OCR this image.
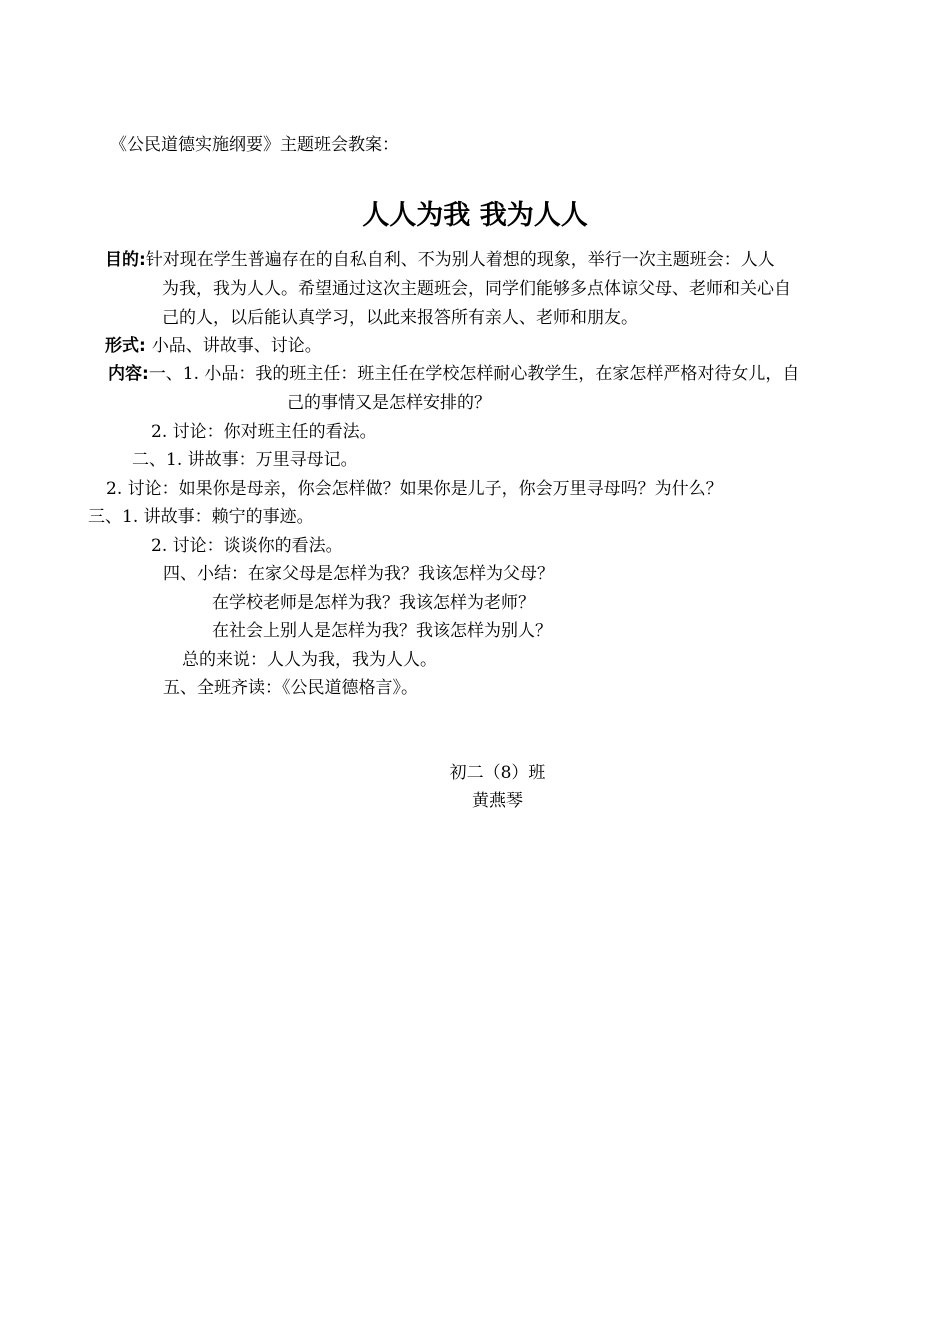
《公民道德实施纲要》主题班会教案：
人人为我 我为人人
目的:针对现在学生普遍存在的自私自利、不为别人着想的现象，举行一次主题班会：人人
为我，我为人人。希望通过这次主题班会，同学们能够多点体谅父母、老师和关心自
己的人，以后能认真学习，以此来报答所有亲人、老师和朋友。
形式: 小品、讲故事、讨论。
内容:一、1. 小品：我的班主任：班主任在学校怎样耐心教学生，在家怎样严格对待女儿，自
己的事情又是怎样安排的？
2. 讨论：你对班主任的看法。
二、1. 讲故事：万里寻母记。
2. 讨论：如果你是母亲，你会怎样做？如果你是儿子，你会万里寻母吗？为什么？
三、1. 讲故事：赖宁的事迹。
2. 讨论：谈谈你的看法。
四、小结：在家父母是怎样为我？我该怎样为父母？
在学校老师是怎样为我？我该怎样为老师？
在社会上别人是怎样为我？我该怎样为别人？
总的来说：人人为我，我为人人。
五、全班齐读：《公民道德格言》。
初二（8）班
黄燕琴
